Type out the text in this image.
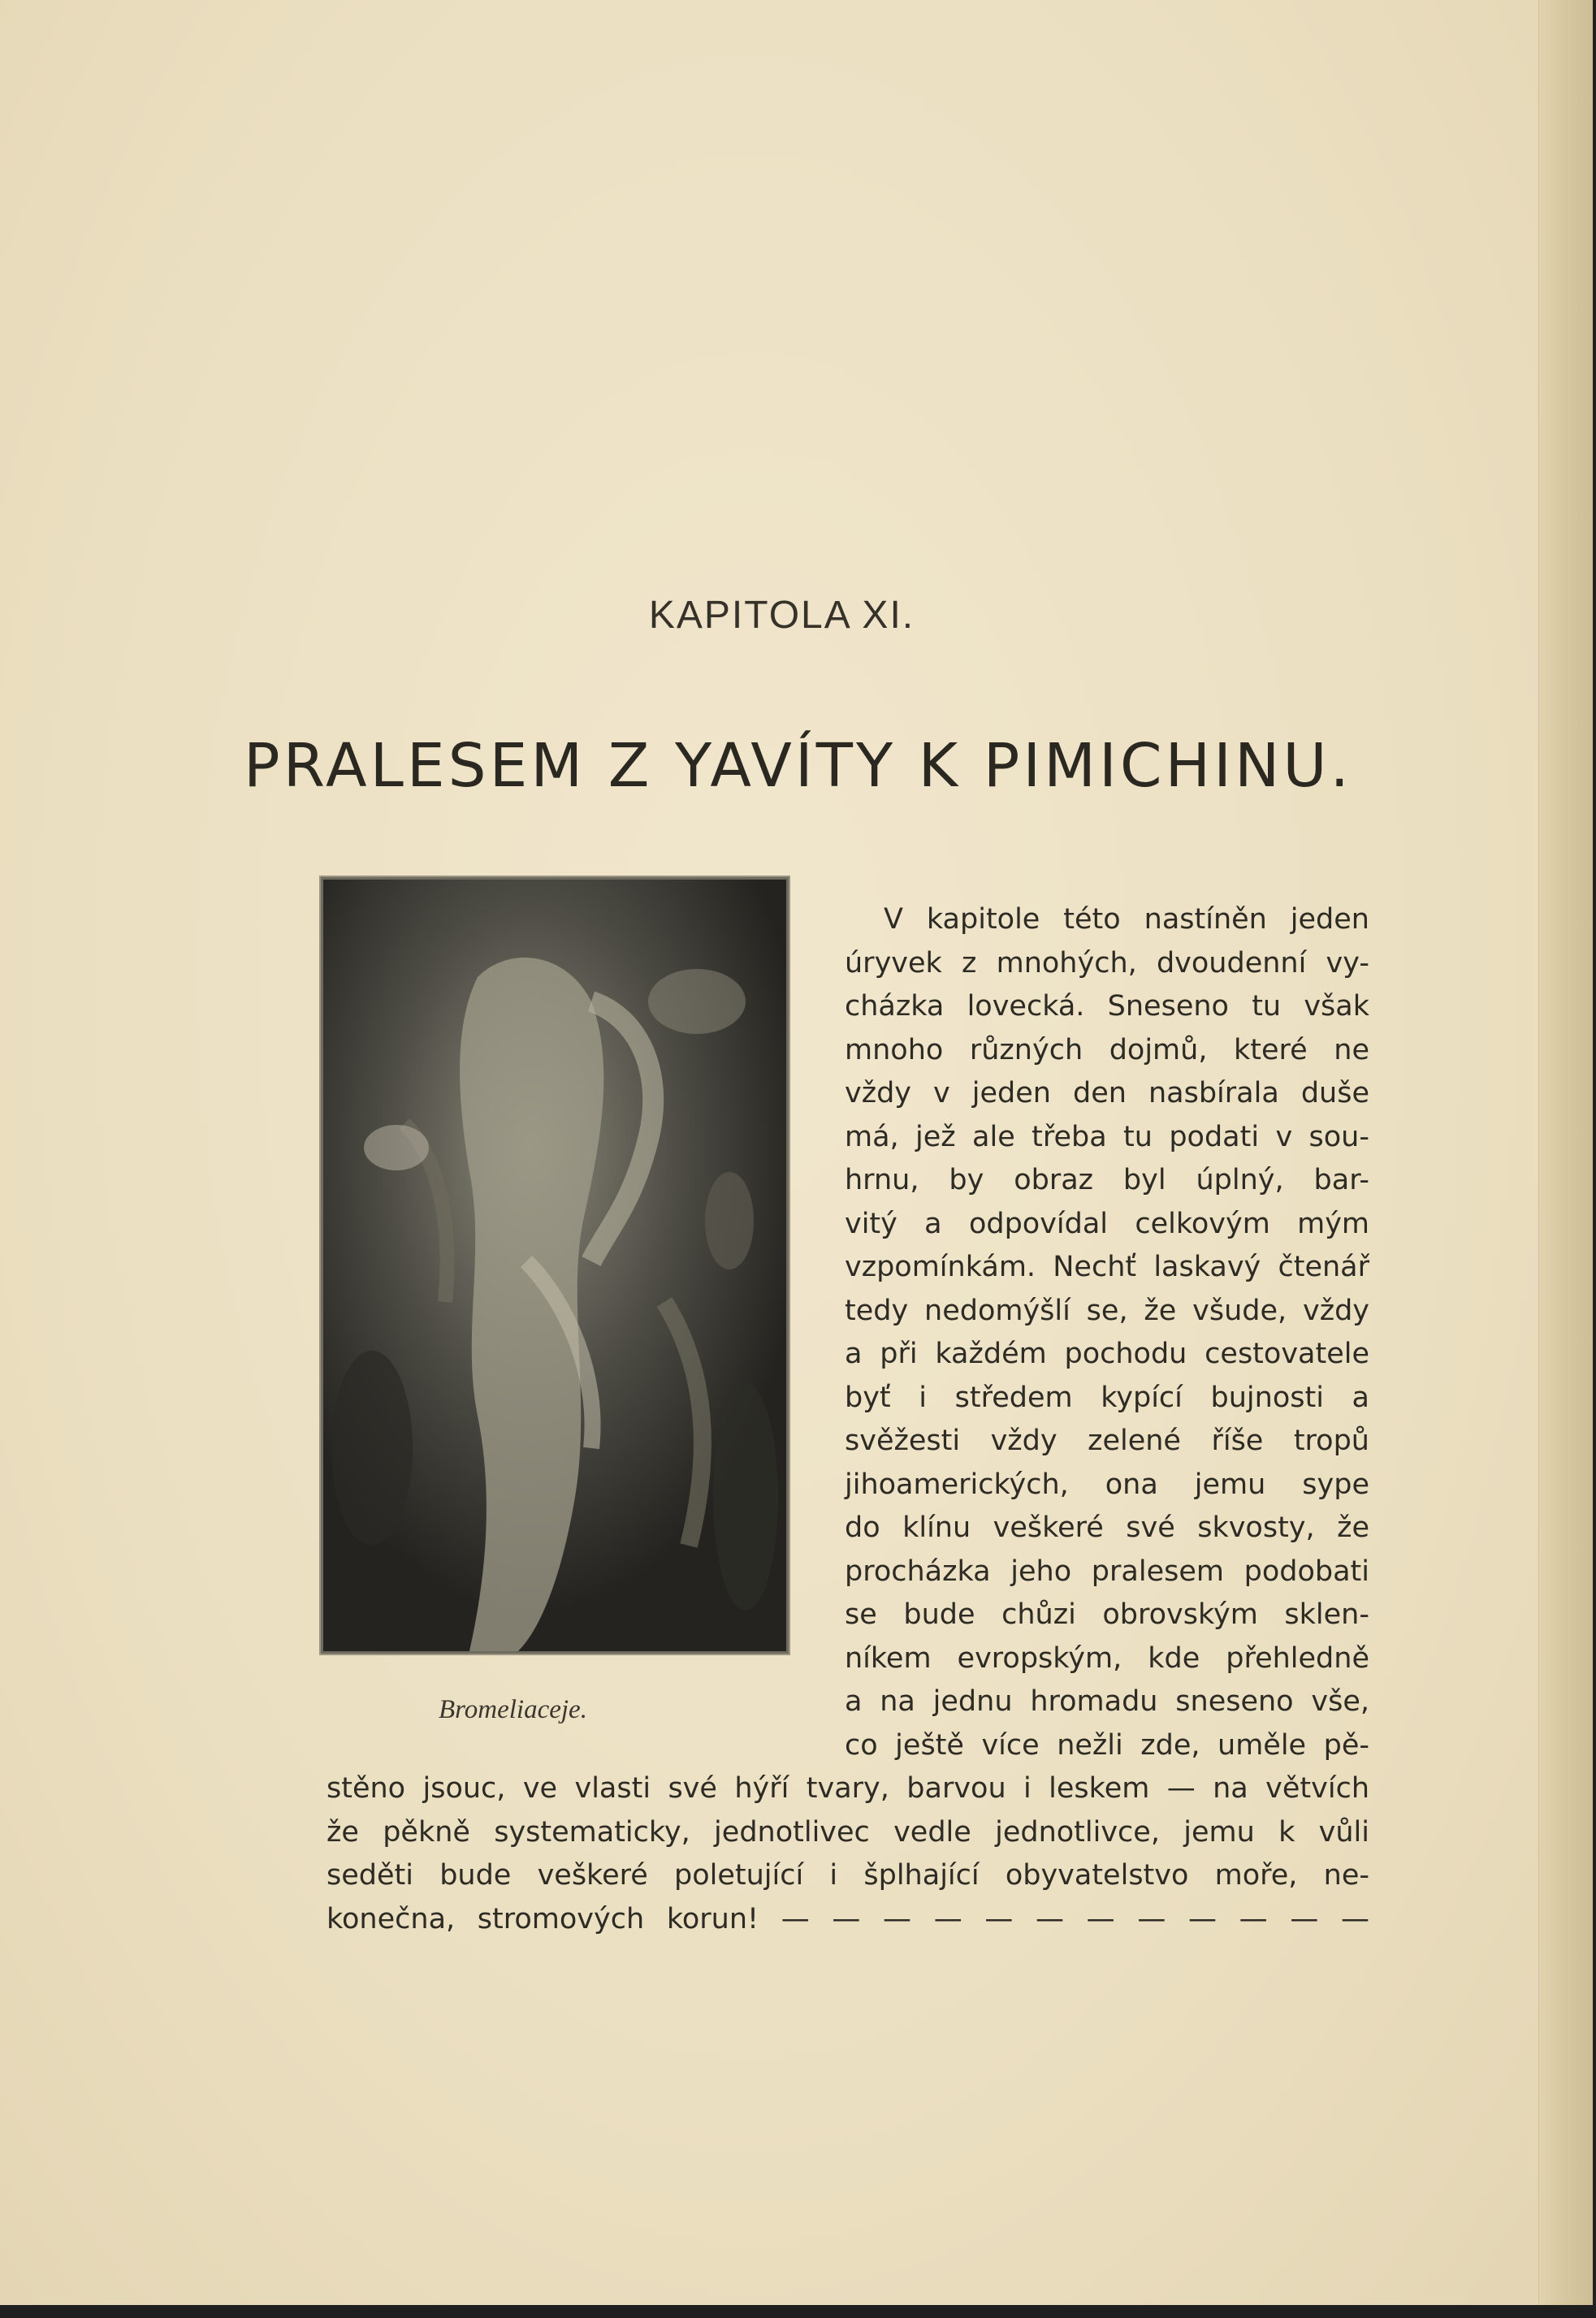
KAPITOLA XI.
PRALESEM Z YAVÍTY K PIMICHINU.
Bromeliaceje.
V kapitole této nastíněn jeden
úryvek z mnohých, dvoudenní vy-
cházka lovecká. Sneseno tu však
mnoho různých dojmů, které ne
vždy v jeden den nasbírala duše
má, jež ale třeba tu podati v sou-
hrnu, by obraz byl úplný, bar-
vitý a odpovídal celkovým mým
vzpomínkám. Nechť laskavý čtenář
tedy nedomýšlí se, že všude, vždy
a při každém pochodu cestovatele
byť i středem kypící bujnosti a
svěžesti vždy zelené říše tropů
jihoamerických, ona jemu sype
do klínu veškeré své skvosty, že
procházka jeho pralesem podobati
se bude chůzi obrovským sklen-
níkem evropským, kde přehledně
a na jednu hromadu sneseno vše,
co ještě více nežli zde, uměle pě-
stěno jsouc, ve vlasti své hýří tvary, barvou i leskem — na větvích
že pěkně systematicky, jednotlivec vedle jednotlivce, jemu k vůli
seděti bude veškeré poletující i šplhající obyvatelstvo moře, ne-
konečna, stromových korun! — — — — — — — — — — — —
